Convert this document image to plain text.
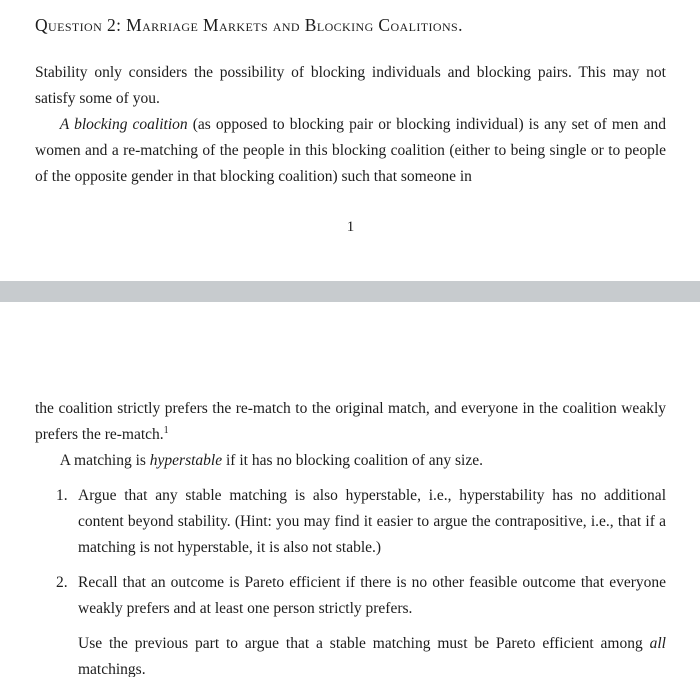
Question 2: Marriage Markets and Blocking Coalitions.

Stability only considers the possibility of blocking individuals and blocking pairs. This may not satisfy some of you.

A blocking coalition (as opposed to blocking pair or blocking individual) is any set of men and women and a re-matching of the people in this blocking coalition (either to being single or to people of the opposite gender in that blocking coalition) such that someone in

1

the coalition strictly prefers the re-match to the original match, and everyone in the coalition weakly prefers the re-match.$^1$

A matching is hyperstable if it has no blocking coalition of any size.

1. Argue that any stable matching is also hyperstable, i.e., hyperstability has no additional content beyond stability. (Hint: you may find it easier to argue the contrapositive, i.e., that if a matching is not hyperstable, it is also not stable.)

2. Recall that an outcome is Pareto efficient if there is no other feasible outcome that everyone weakly prefers and at least one person strictly prefers.

Use the previous part to argue that a stable matching must be Pareto efficient among all matchings.
